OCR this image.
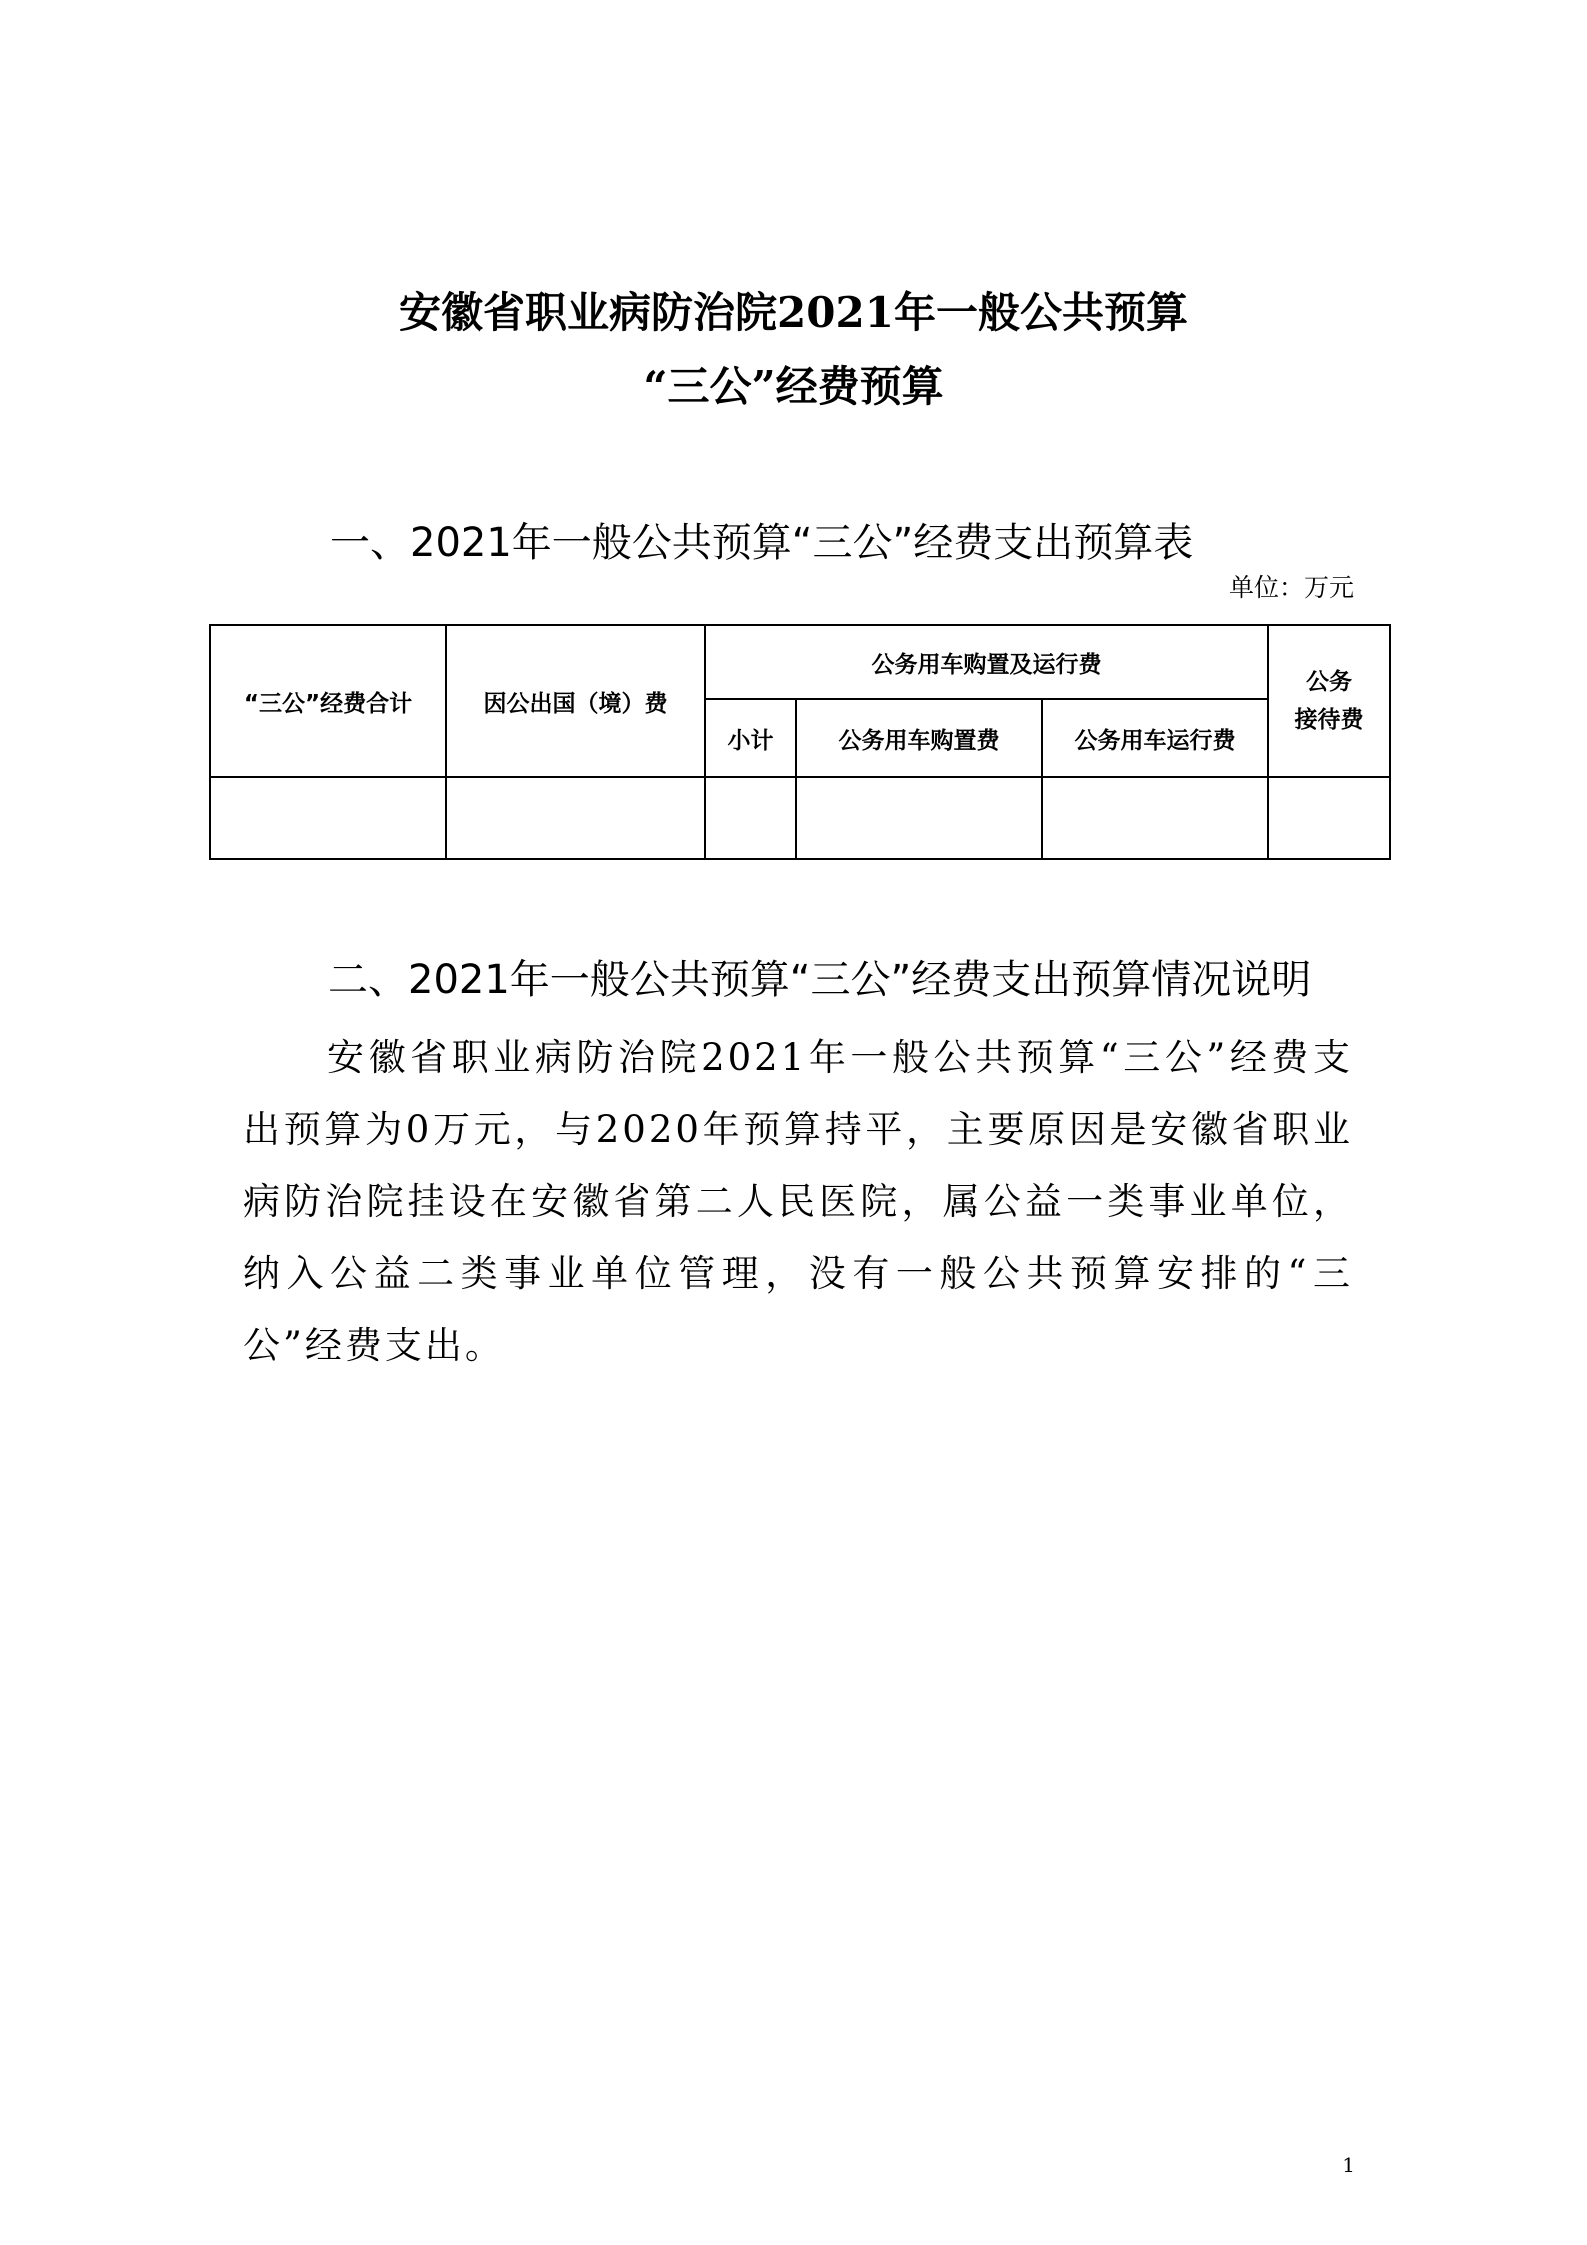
安徽省职业病防治院2021年一般公共预算
“三公”经费预算
一、2021年一般公共预算“三公”经费支出预算表
单位：万元
“三公”经费合计	因公出国（境）费	公务用车购置及运行费			公务
接待费

		小计	公务用车购置费	公务用车运行费	

二、2021年一般公共预算“三公”经费支出预算情况说明

安徽省职业病防治院2021年一般公共预算“三公”经费支出预算为0万元，与2020年预算持平，主要原因是安徽省职业病防治院挂设在安徽省第二人民医院，属公益一类事业单位，纳入公益二类事业单位管理，没有一般公共预算安排的“三公”经费支出。

1
